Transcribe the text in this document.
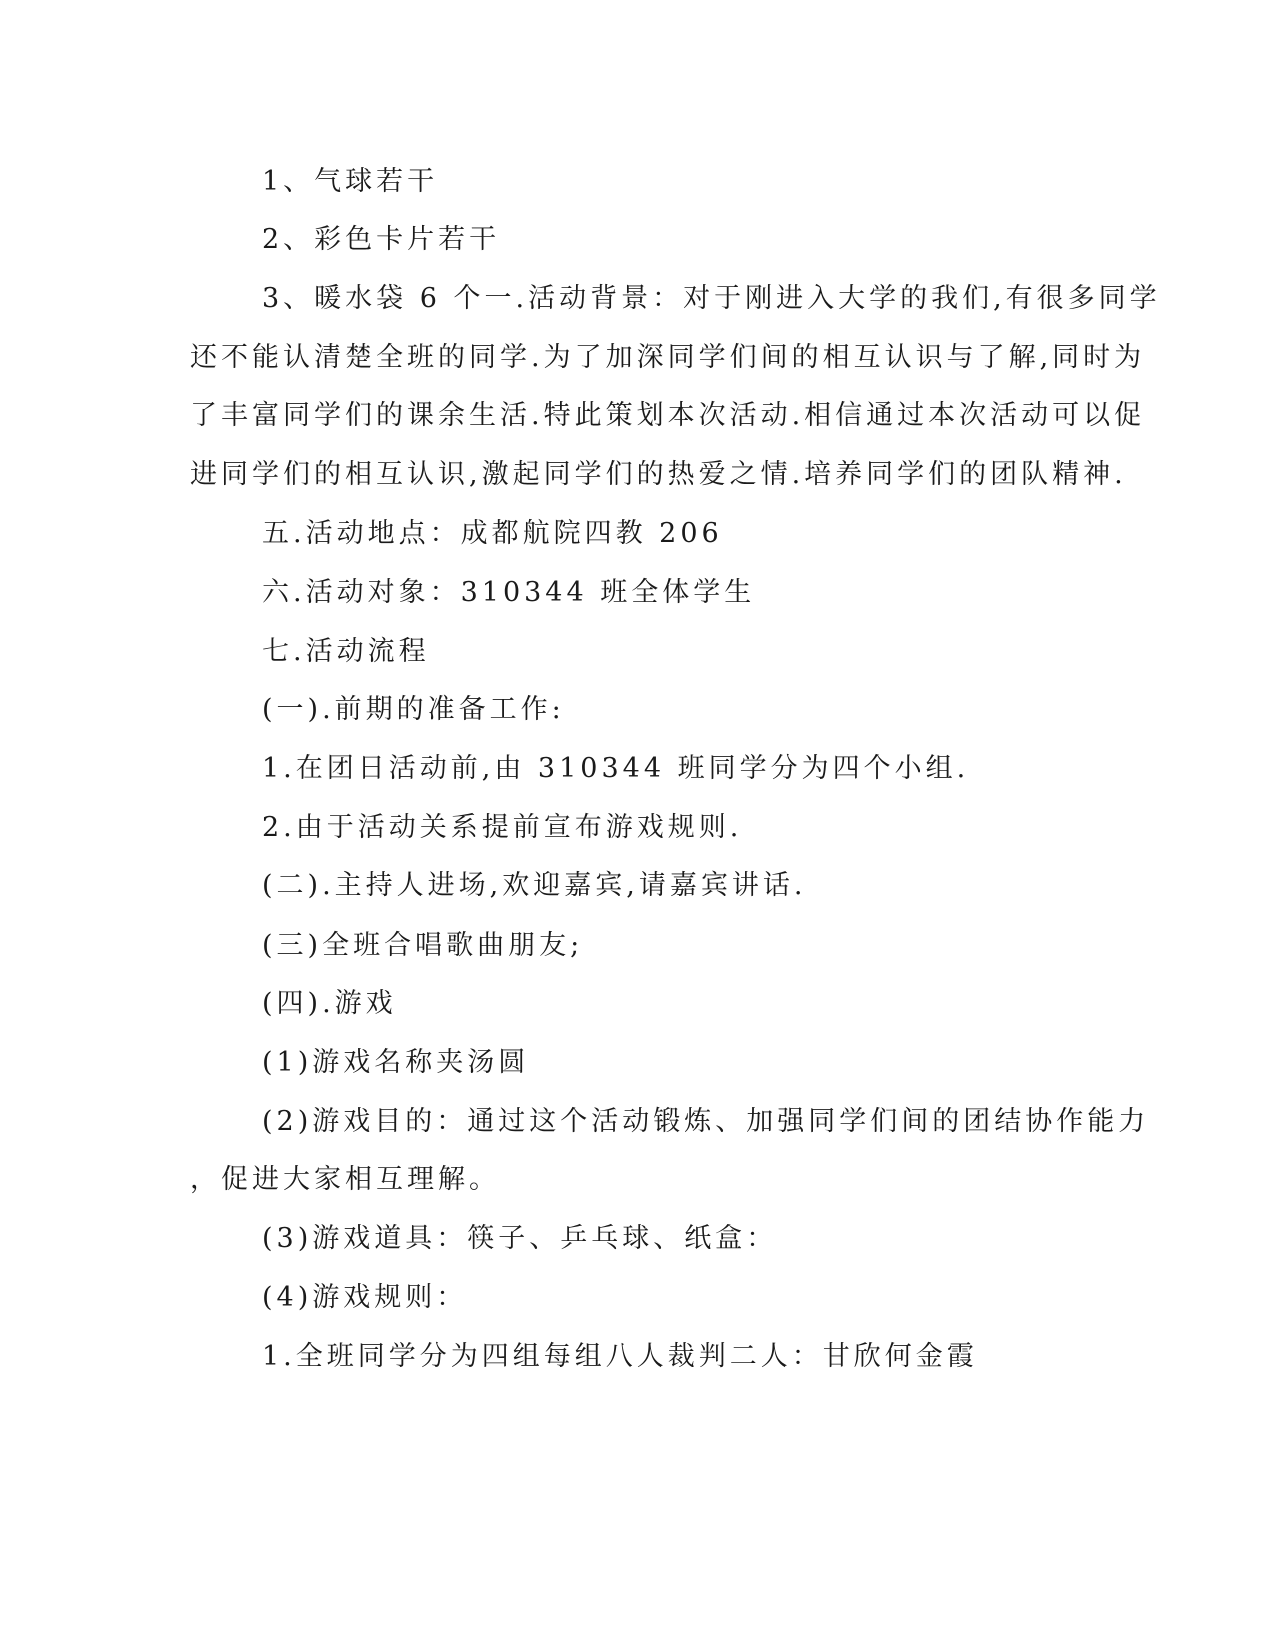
1、气球若干
2、彩色卡片若干
3、暖水袋 6 个一.活动背景：对于刚进入大学的我们,有很多同学
还不能认清楚全班的同学.为了加深同学们间的相互认识与了解,同时为
了丰富同学们的课余生活.特此策划本次活动.相信通过本次活动可以促
进同学们的相互认识,激起同学们的热爱之情.培养同学们的团队精神.
五.活动地点：成都航院四教 206
六.活动对象：310344 班全体学生
七.活动流程
(一).前期的准备工作:
1.在团日活动前,由 310344 班同学分为四个小组.
2.由于活动关系提前宣布游戏规则.
(二).主持人进场,欢迎嘉宾,请嘉宾讲话.
(三)全班合唱歌曲朋友;
(四).游戏
(1)游戏名称夹汤圆
(2)游戏目的：通过这个活动锻炼、加强同学们间的团结协作能力
，促进大家相互理解。
(3)游戏道具：筷子、乒乓球、纸盒：
(4)游戏规则：
1.全班同学分为四组每组八人裁判二人：甘欣何金霞
